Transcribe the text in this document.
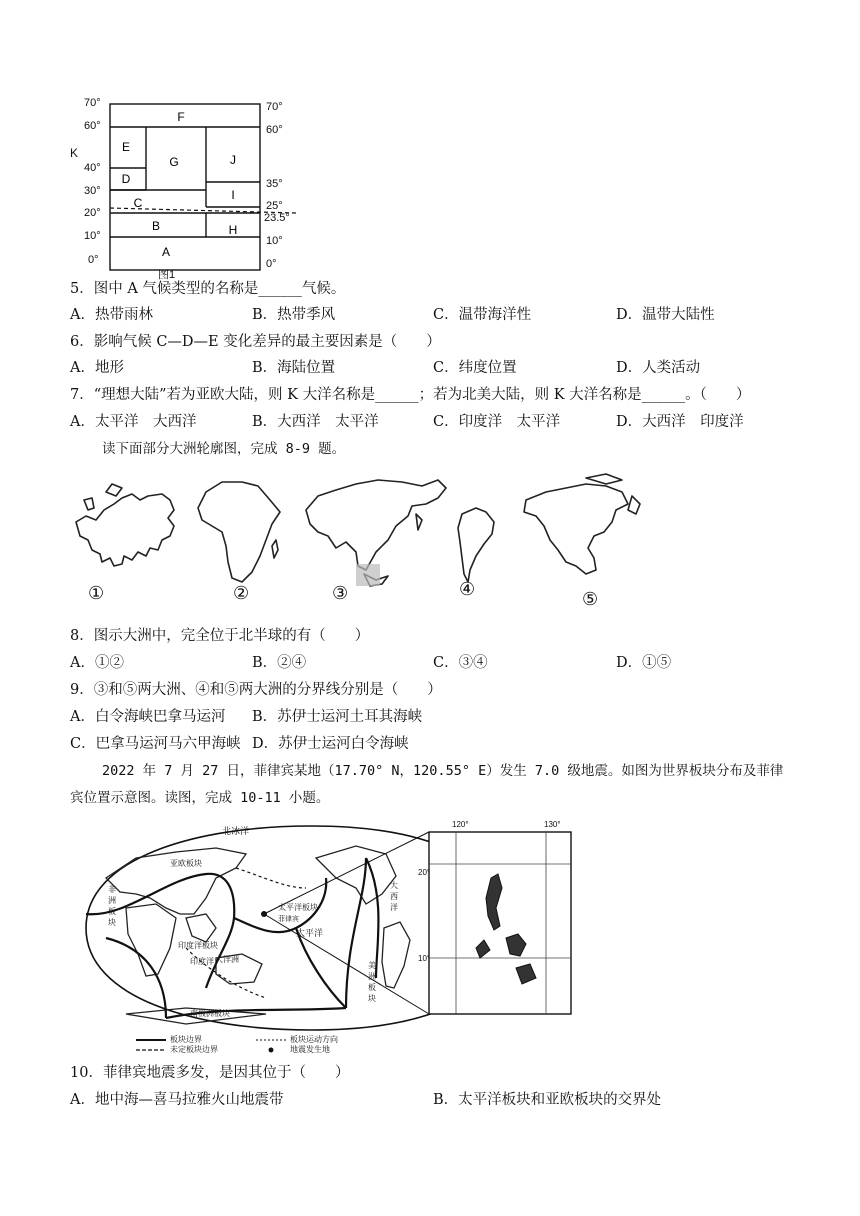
F
E
G	J
D
I
C
B	H
A
70°
60°
K
40°
30°
20°
10°
0°
70°
60°
35°
25°
23.5°
10°
0°
图1
5．图中 A 气候类型的名称是______气候。
A．热带雨林	B．热带季风	C．温带海洋性	D．温带大陆性
6．影响气候 C—D—E 变化差异的最主要因素是（　　）
A．地形	B．海陆位置	C．纬度位置	D．人类活动
7．“理想大陆”若为亚欧大陆，则 K 大洋名称是______；若为北美大陆，则 K 大洋名称是______。（　　）
A．太平洋　大西洋	B．大西洋　太平洋	C．印度洋　太平洋	D．大西洋　印度洋
读下面部分大洲轮廓图，完成 8-9 题。
①	②	③	④	⑤
8．图示大洲中，完全位于北半球的有（　　）
A．①②	B．②④	C．③④	D．①⑤
9．③和⑤两大洲、④和⑤两大洲的分界线分别是（　　）
A．白令海峡巴拿马运河 B．苏伊士运河土耳其海峡
C．巴拿马运河马六甲海峡 D．苏伊士运河白令海峡
2022 年 7 月 27 日，菲律宾某地（17.70° N，120.55° E）发生 7.0 级地震。如图为世界板块分布及菲律
宾位置示意图。读图，完成 10-11 小题。
北冰洋
亚欧板块
非洲板块
印度洋板块
印度洋
太平洋板块
菲律宾
太平洋
美洲板块
大洋洲
大西洋
南极洲板块
板块边界	板块运动方向
未定板块边界	地震发生地
120°	130°
20°
10°
10．菲律宾地震多发，是因其位于（　　）
A．地中海—喜马拉雅火山地震带	B．太平洋板块和亚欧板块的交界处
